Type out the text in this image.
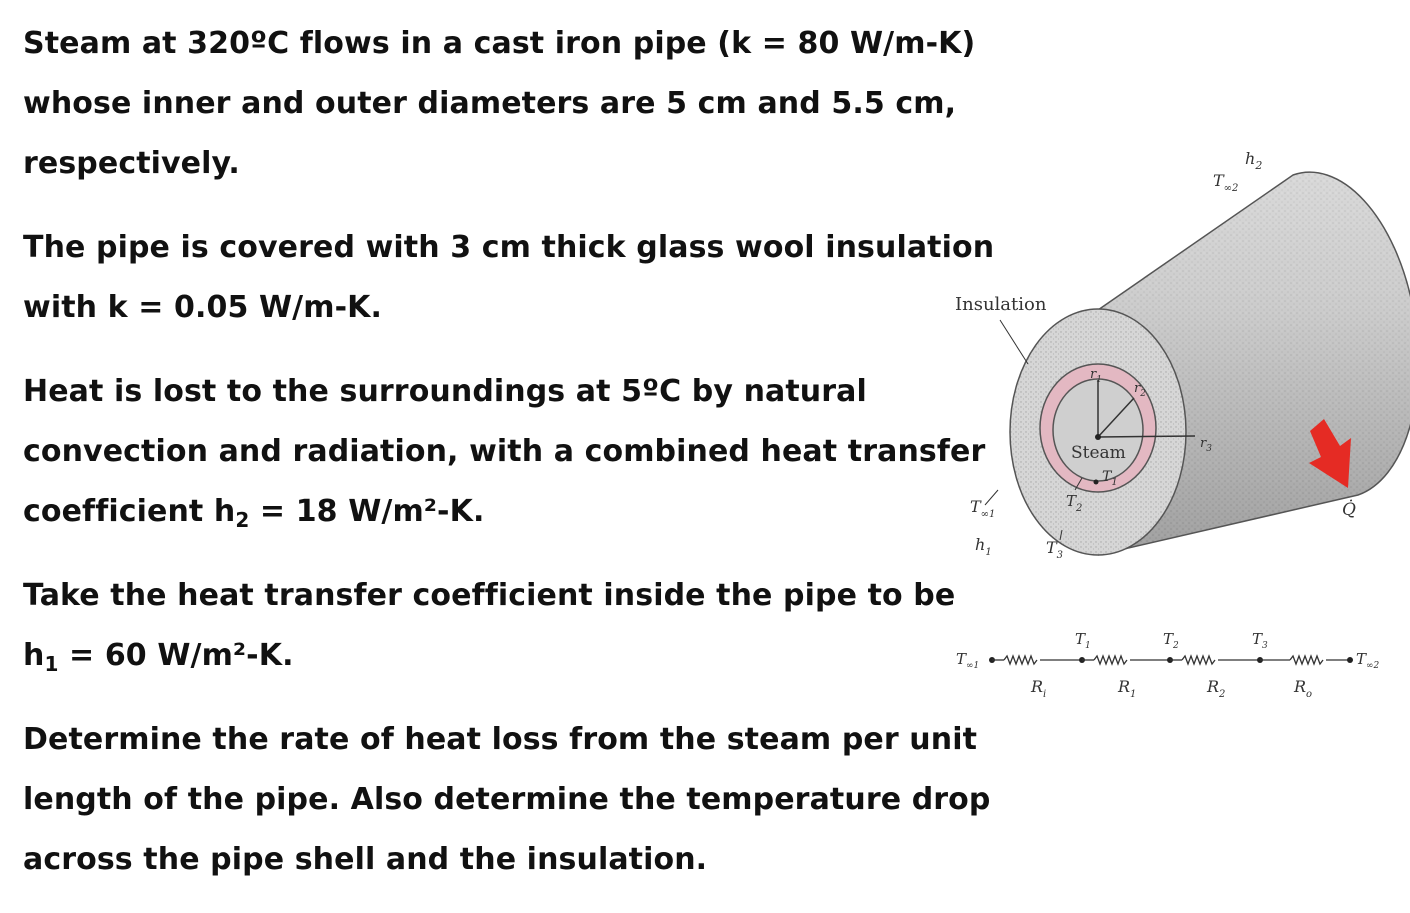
Steam at 320ºC flows in a cast iron pipe (k = 80 W/m-K)
whose inner and outer diameters are 5 cm and 5.5 cm,
respectively.
The pipe is covered with 3 cm thick glass wool insulation
with k = 0.05 W/m-K.
Heat is lost to the surroundings at 5ºC by natural
convection and radiation, with a combined heat transfer
coefficient $h_2 = 18$ W/m²-K.
Take the heat transfer coefficient inside the pipe to be
$h_1 = 60$ W/m²-K.
Determine the rate of heat loss from the steam per unit
length of the pipe. Also determine the temperature drop
across the pipe shell and the insulation.
Insulation
$h_2$
$T_{\infty 2}$
$r_1$
$r_2$
$r_3$
Steam
$T_1$
$T_2$
$T_{\infty 1}$
$h_1$	$T_3$
Q̇
$T_{\infty 1}$	$T_{\infty 2}$
$T_1$	$T_2$	$T_3$
$R_i$	$R_1$	$R_2$	$R_o$
